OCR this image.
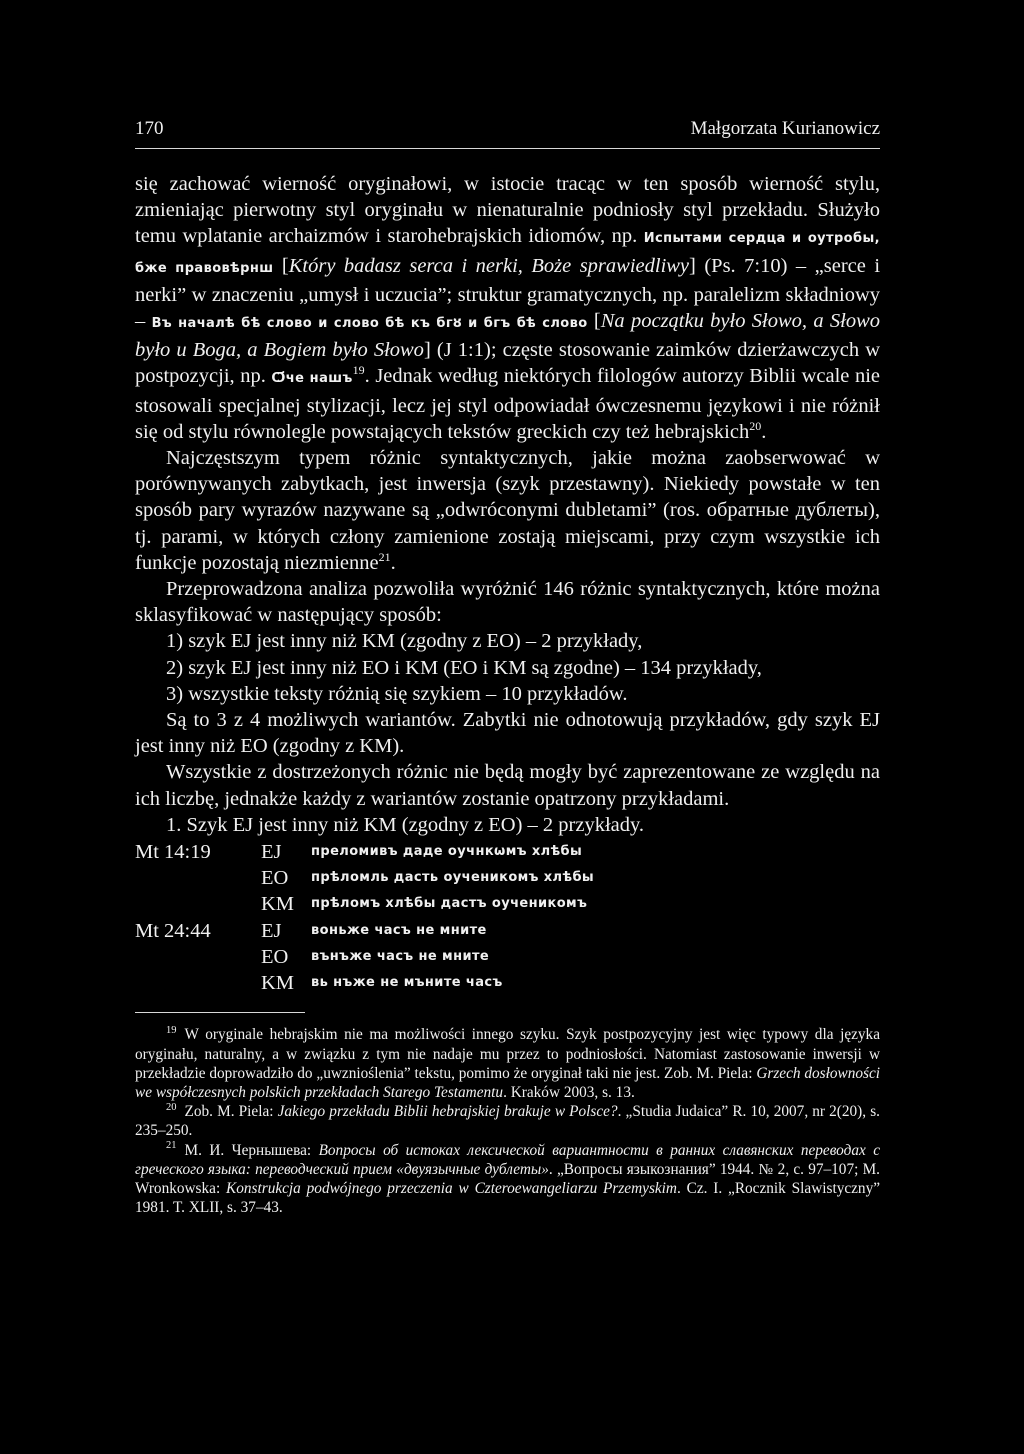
170	Małgorzata Kurianowicz

się zachować wierność oryginałowi, w istocie tracąc w ten sposób wierność stylu, zmieniając pierwotny styl oryginału w nienaturalnie podniosły styl przekładu. Służyło temu wplatanie archaizmów i starohebrajskich idiomów, np. Испытами сердца и оутробы, бже правовѣрнш [Który badasz serca i nerki, Boże sprawiedliwy] (Ps. 7:10) – „serce i nerki” w znaczeniu „umysł i uczucia”; struktur gramatycznych, np. paralelizm składniowy – Въ началѣ бѣ слово и слово бѣ къ бгȣ и бгъ бѣ слово [Na początku było Słowo, a Słowo było u Boga, a Bogiem było Słowo] (J 1:1); częste stosowanie zaimków dzierżawczych w postpozycji, np. Ѻ҃че нашъ$^{19}$. Jednak według niektórych filologów autorzy Biblii wcale nie stosowali specjalnej stylizacji, lecz jej styl odpowiadał ówczesnemu językowi i nie różnił się od stylu równolegle powstających tekstów greckich czy też hebrajskich$^{20}$.

Najczęstszym typem różnic syntaktycznych, jakie można zaobserwować w porównywanych zabytkach, jest inwersja (szyk przestawny). Niekiedy powstałe w ten sposób pary wyrazów nazywane są „odwróconymi dubletami” (ros. обратные дублеты), tj. parami, w których człony zamienione zostają miejscami, przy czym wszystkie ich funkcje pozostają niezmienne$^{21}$.

Przeprowadzona analiza pozwoliła wyróżnić 146 różnic syntaktycznych, które można sklasyfikować w następujący sposób:

1) szyk EJ jest inny niż KM (zgodny z EO) – 2 przykłady,

2) szyk EJ jest inny niż EO i KM (EO i KM są zgodne) – 134 przykłady,

3) wszystkie teksty różnią się szykiem – 10 przykładów.

Są to 3 z 4 możliwych wariantów. Zabytki nie odnotowują przykładów, gdy szyk EJ jest inny niż EO (zgodny z KM).

Wszystkie z dostrzeżonych różnic nie będą mogły być zaprezentowane ze względu na ich liczbę, jednakże każdy z wariantów zostanie opatrzony przykładami.

1. Szyk EJ jest inny niż KM (zgodny z EO) – 2 przykłady.

Mt 14:19	EJ	преломивъ даде оучнкѡмъ хлѣбы
EO	прѣломль дасть оученикомъ хлѣбы
KM	прѣломъ хлѣбы дастъ оученикомъ
Mt 24:44	EJ	воньже часъ не мните
EO	вънъже часъ не мните
KM	вь нъже не мънитe часъ

$^{19}$ W oryginale hebrajskim nie ma możliwości innego szyku. Szyk postpozycyjny jest więc typowy dla języka oryginału, naturalny, a w związku z tym nie nadaje mu przez to podniosłości. Natomiast zastosowanie inwersji w przekładzie doprowadziło do „uwznioślenia” tekstu, pomimo że oryginał taki nie jest. Zob. M. Piela: Grzech dosłowności we współczesnych polskich przekładach Starego Testamentu. Kraków 2003, s. 13.

$^{20}$ Zob. M. Piela: Jakiego przekładu Biblii hebrajskiej brakuje w Polsce?. „Studia Judaica” R. 10, 2007, nr 2(20), s. 235–250.

$^{21}$ М. И. Чернышева: Вопросы об истоках лексической вариантности в ранних славянских переводах с греческого языка: переводческий прием «двуязычные дублеты». „Вопросы языкознания” 1944. № 2, с. 97–107; M. Wronkowska: Konstrukcja podwójnego przeczenia w Czteroewangeliarzu Przemyskim. Cz. I. „Rocznik Slawistyczny” 1981. T. XLII, s. 37–43.
